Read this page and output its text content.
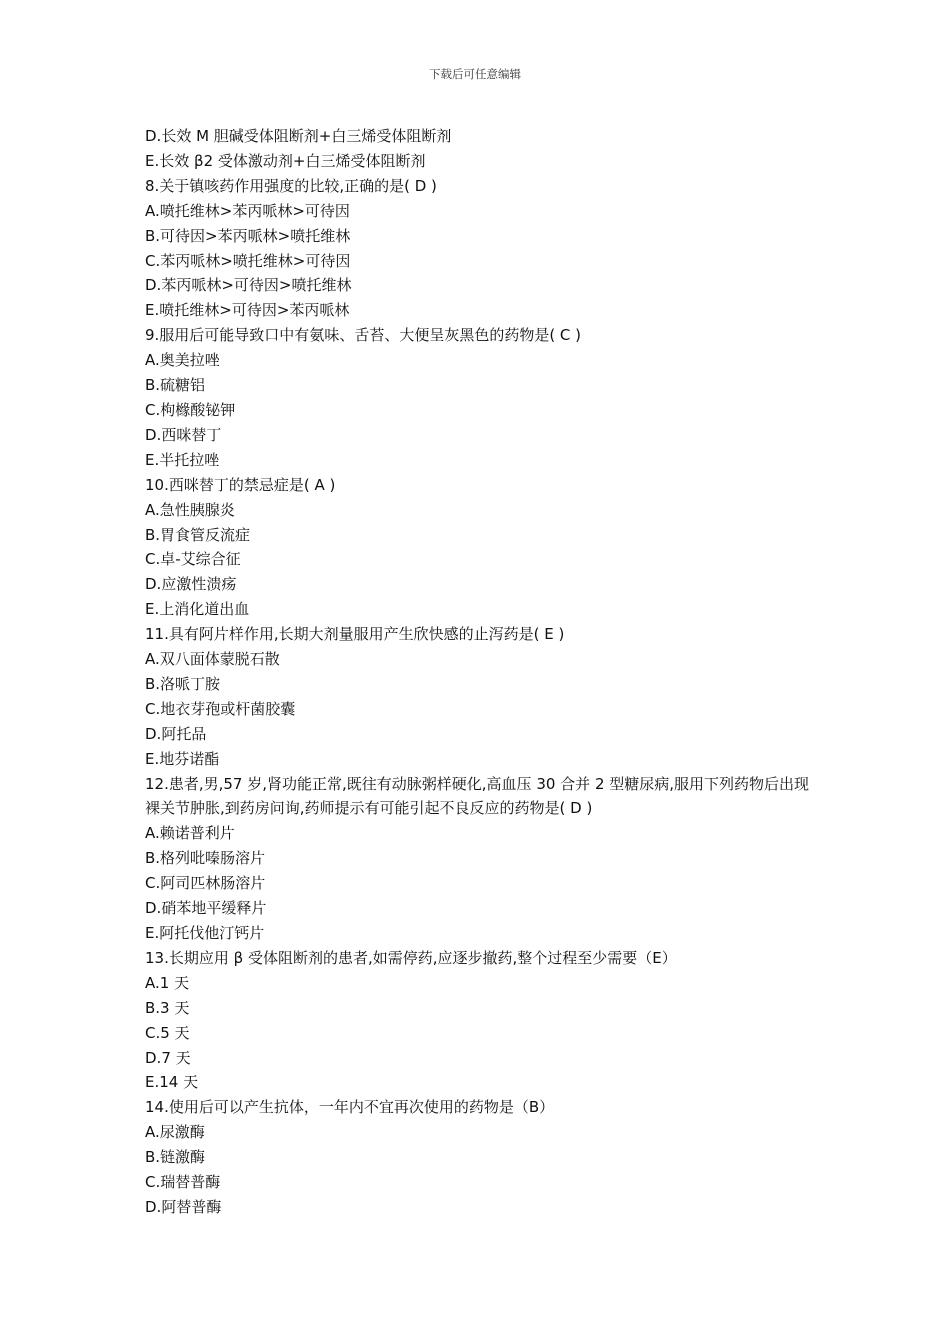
下载后可任意编辑
D.长效 M 胆碱受体阻断剂+白三烯受体阻断剂
E.长效 β2 受体激动剂+白三烯受体阻断剂
8.关于镇咳药作用强度的比较,正确的是( D )
A.喷托维林>苯丙哌林>可待因
B.可待因>苯丙哌林>喷托维林
C.苯丙哌林>喷托维林>可待因
D.苯丙哌林>可待因>喷托维林
E.喷托维林>可待因>苯丙哌林
9.服用后可能导致口中有氨味、舌苔、大便呈灰黑色的药物是( C )
A.奥美拉唑
B.硫糖铝
C.枸橼酸铋钾
D.西咪替丁
E.半托拉唑
10.西咪替丁的禁忌症是( A )
A.急性胰腺炎
B.胃食管反流症
C.卓-艾综合征
D.应激性溃疡
E.上消化道出血
11.具有阿片样作用,长期大剂量服用产生欣快感的止泻药是( E )
A.双八面体蒙脱石散
B.洛哌丁胺
C.地衣芽孢或杆菌胶囊
D.阿托品
E.地芬诺酯
12.患者,男,57 岁,肾功能正常,既往有动脉粥样硬化,高血压 30 合并 2 型糖尿病,服用下列药物后出现裸关节肿胀,到药房问询,药师提示有可能引起不良反应的药物是( D )
A.赖诺普利片
B.格列吡嗪肠溶片
C.阿司匹林肠溶片
D.硝苯地平缓释片
E.阿托伐他汀钙片
13.长期应用 β 受体阻断剂的患者,如需停药,应逐步撤药,整个过程至少需要（E）
A.1 天
B.3 天
C.5 天
D.7 天
E.14 天
14.使用后可以产生抗体，一年内不宜再次使用的药物是（B）
A.尿激酶
B.链激酶
C.瑞替普酶
D.阿替普酶
